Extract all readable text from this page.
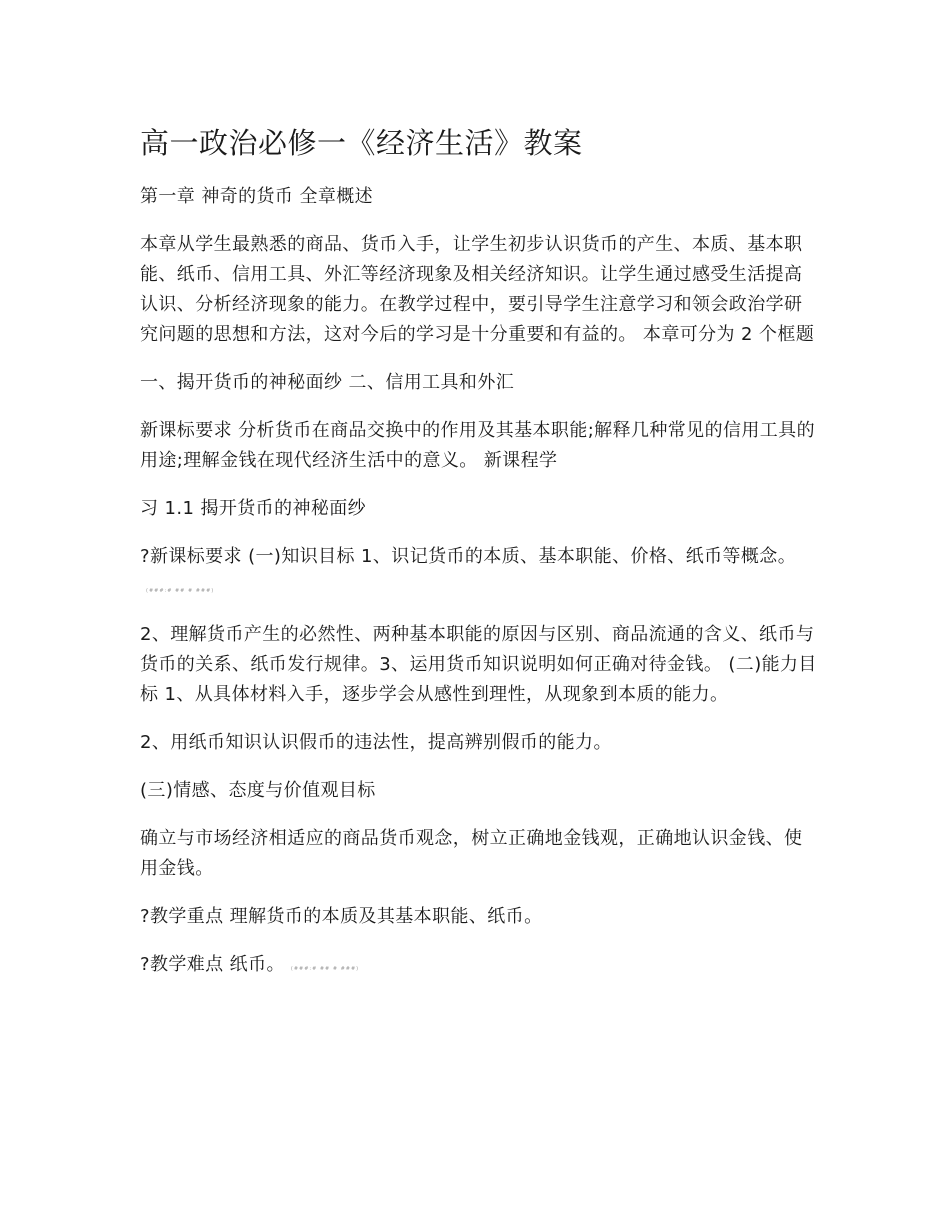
高一政治必修一《经济生活》教案

第一章 神奇的货币 全章概述

本章从学生最熟悉的商品、货币入手，让学生初步认识货币的产生、本质、基本职能、纸币、信用工具、外汇等经济现象及相关经济知识。让学生通过感受生活提高认识、分析经济现象的能力。在教学过程中，要引导学生注意学习和领会政治学研究问题的思想和方法，这对今后的学习是十分重要和有益的。 本章可分为 2 个框题

一、揭开货币的神秘面纱 二、信用工具和外汇

新课标要求 分析货币在商品交换中的作用及其基本职能;解释几种常见的信用工具的用途;理解金钱在现代经济生活中的意义。 新课程学

习 1.1 揭开货币的神秘面纱

?新课标要求 (一)知识目标 1、识记货币的本质、基本职能、价格、纸币等概念。(###:# ## # ###)

2、理解货币产生的必然性、两种基本职能的原因与区别、商品流通的含义、纸币与货币的关系、纸币发行规律。3、运用货币知识说明如何正确对待金钱。 (二)能力目标 1、从具体材料入手，逐步学会从感性到理性，从现象到本质的能力。

2、用纸币知识认识假币的违法性，提高辨别假币的能力。

(三)情感、态度与价值观目标

确立与市场经济相适应的商品货币观念，树立正确地金钱观，正确地认识金钱、使用金钱。

?教学重点 理解货币的本质及其基本职能、纸币。

?教学难点 纸币。 (###:# ## # ###)
